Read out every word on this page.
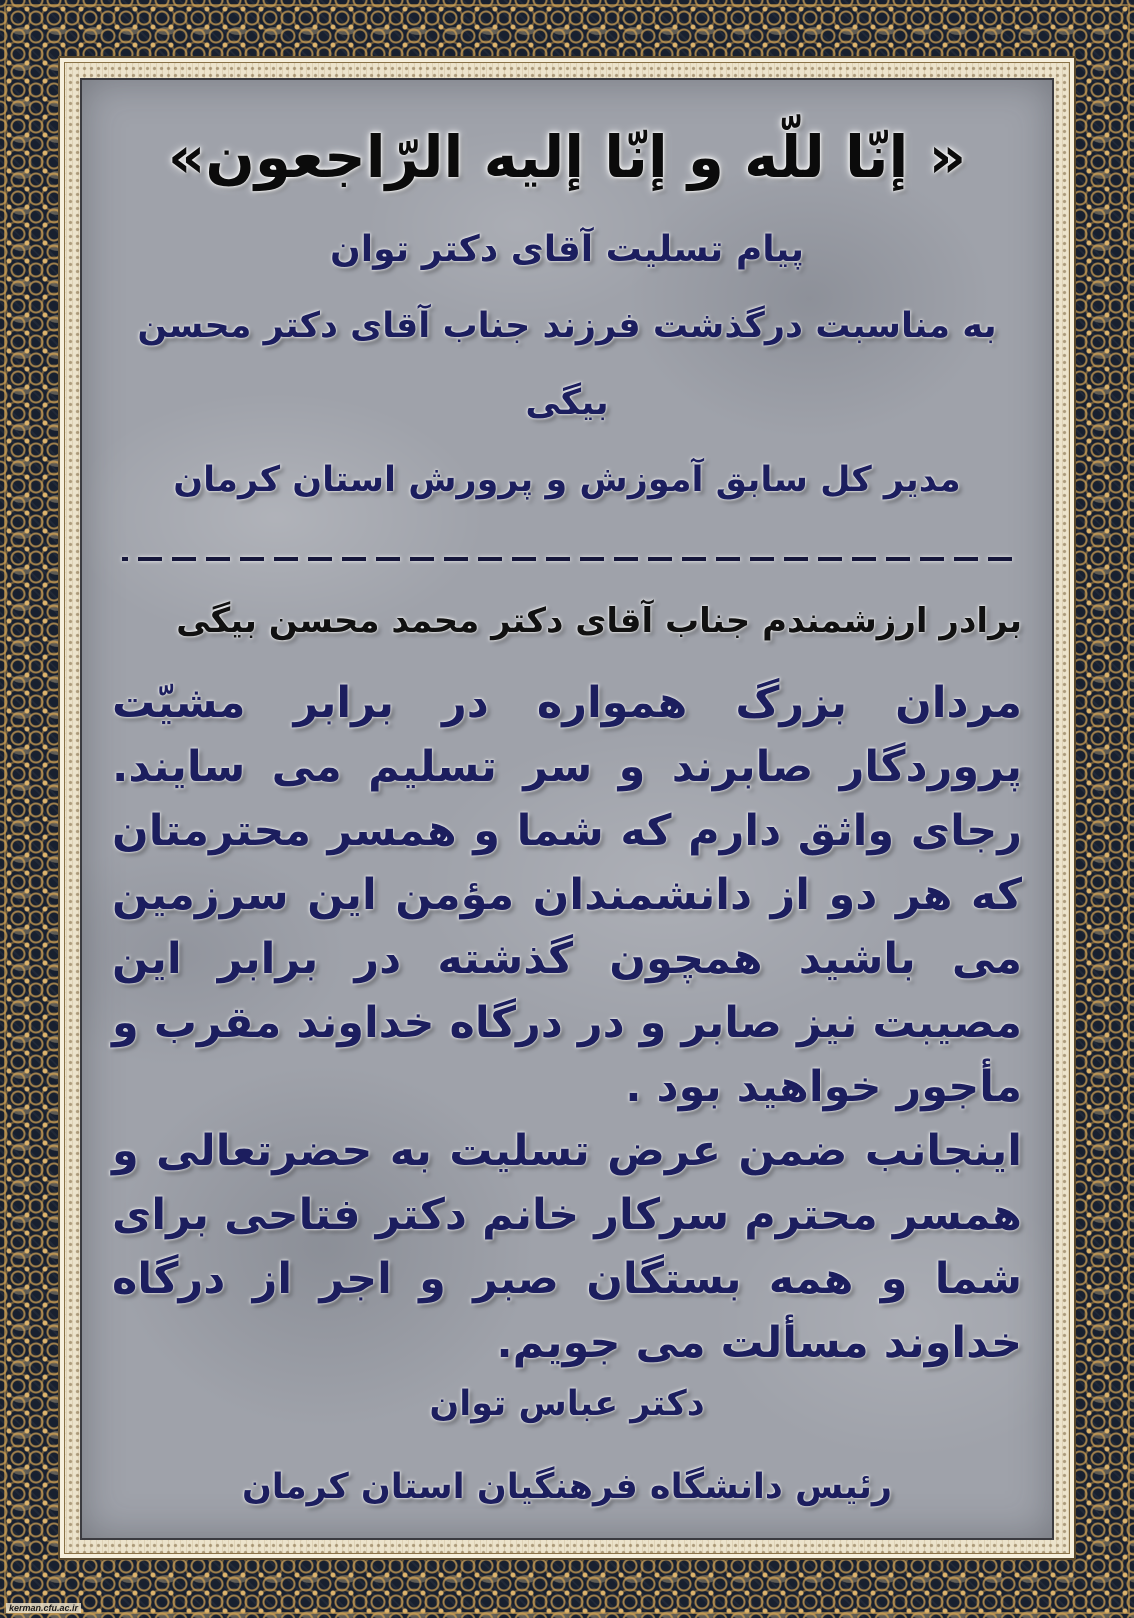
« إنّا للّه و إنّا إلیه الرّاجعون»
پیام تسلیت آقای دکتر توان
به مناسبت درگذشت فرزند جناب آقای دکتر محسن بیگی
مدیر کل سابق آموزش و پرورش استان کرمان
برادر ارزشمندم جناب آقای دکتر محمد محسن بیگی

مردان بزرگ همواره در برابر مشیّت پروردگار صابرند و سر تسلیم می سایند. رجای واثق دارم که شما و همسر محترمتان که هر دو از دانشمندان مؤمن این سرزمین می باشید همچون گذشته در برابر این مصیبت نیز صابر و در درگاه خداوند مقرب و مأجور خواهید بود .

اینجانب ضمن عرض تسلیت به حضرتعالی و همسر محترم سرکار خانم دکتر فتاحی برای شما و همه بستگان صبر و اجر از درگاه خداوند مسألت می جویم.

دکتر عباس توان
رئیس دانشگاه فرهنگیان استان کرمان
kerman.cfu.ac.ir
